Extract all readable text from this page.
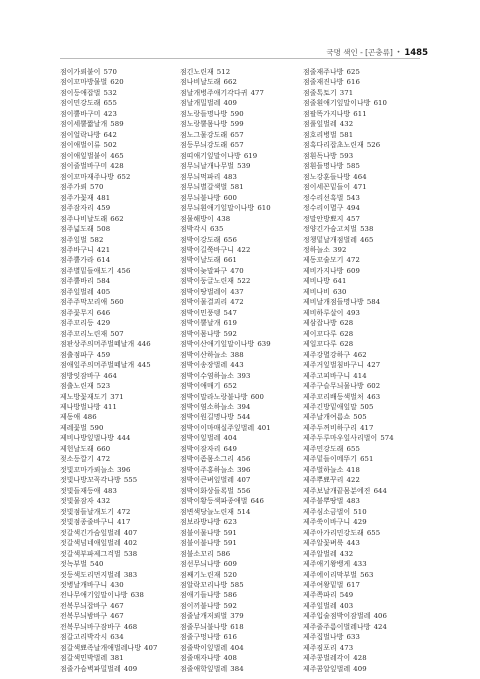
국명 색인 - [곤충류] • 1485
점이가뢰붙이 570
점이꼬마방물벌 620
점이등애잡벌 532
점이민강도래 655
점이뿔바구미 423
점이세뿔짧날개 589
점이얼락나방 642
점이애벌이류 502
점이애잎벌붙이 465
점이줄벌바구미 428
점이꼬마재주나방 652
점주가뢰 570
점주가꽃재 481
점주잠자리 459
점주나비날도래 662
점주넓도래 508
점주잎벌 582
점주바구니 421
점주뿔가라 614
점주별밑들애도기 456
점주뿔바리 584
점주잎벌레 405
점주주막꼬리애 560
점주꽃무지 646
점주꼬리등 429
점주꼬리노린재 507
점판상주의머주벌떼날개 446
점출점파구 459
점애잎주의머주벌떼날개 445
점방잇잠바구 464
점출노린재 523
제노방꽃재도기 371
제나방벌나방 411
제동애 486
제레꽃벌 590
제비나방잎벌나방 444
제헌날도래 660
젖소등깔기 472
젓빛꼬마가뢰늘소 396
젓빛나방꼬꼭각나방 555
젓빛들재등애 483
젓빛물잠자 432
젓빛점들날개도기 472
젓빛점종줄바구니 417
젓갈색긴가슴잎벌레 407
젓갈색넘네애잎벌레 402
젓갈색부파제그걱벌 538
젓녹부벌 540
젓등색도리먼지벌레 383
젓병날개바구니 430
전나무애기잎말이나방 638
전복무늬잡바구 467
전복무늬밤바구 467
전복무늬바구잠바구 468
점갈고리박각시 634
점갈색뾰족날개애벌레나방 407
점갈색민박벌레 381
점줄가슴벽파밀벌레 409
점긴노린재 512
점나비날도래 662
점날개병주애기각다귀 477
점날개밀벌레 409
점노랑들명나방 590
점노랑뿔몸나방 599
점노그물강도래 657
점등무늬강도래 657
점띠애기잎말이나방 619
점무늬날개나무벌 539
점무늬먹파리 483
점무늬별갈색벌 581
점무늬불나방 600
점무늬흰애기잎말이나방 610
점물해방이 438
점박각시 635
점박이강도래 656
점박이길쭉바구니 422
점박이날도래 661
점박이늦말파구 470
점박이둥글노린재 522
점박이땅벌레이 437
점박이물결괴리 472
점박이민풍뎅 547
점박이뿔날개 619
점박이몸나방 592
점박이산애기잎말이나방 639
점박이산하늘소 388
점박이송장벌레 443
점박이수염하늘소 393
점박이애매기 652
점박이말라노랑불나방 600
점박이염소하늘소 394
점박이원길명나방 544
점박이이마매실주잎벌레 401
점박이잎벌레 404
점박이잠자리 649
점박이좀몸소그리 456
점박이주홍하늘소 396
점박이큰벼잎벌레 407
점박이화상들록벌 556
점박이황등색파종애벌 646
점변색당늘노린재 514
점보라방나방 623
점불이물나방 591
점불이불나방 591
점불소꼬리 586
점선무늬나방 609
점째기노린재 520
점알락꼬리나방 585
점애기들나방 586
점이끼불나방 592
점줄날개저뢰벌 379
점줄무늬불나방 618
점줄구멍나방 616
점줄박이잎벌레 404
점줄매자나방 408
점줄애학잎벌레 384
점줄재주나방 625
점줄재진나방 616
점줄톡토기 371
점줄흰애기잎말이나방 610
점팔똑가지나방 611
점풀잎벌레 432
점호리병벌 581
점흑다리잡초노린재 526
점흰독나방 593
점흰들명나방 585
점노강훈들나방 464
점이세꼰밑들이 471
정수리선흑벌 543
정수리이멸구 494
정말안방뾰지 457
정양긴가슴고치벌 538
정챙밑날개점벌레 465
정하늘소 392
제동꼬술모기 472
제비가지나방 609
제비나방 641
제비나비 630
제비날개점들명나방 584
제비하루살이 493
제삼잡나방 628
제이꼬다루 628
제일꼬다루 628
제주강멸강하구 462
제주거잎벌침바구니 427
제주고피바구니 414
제주구슬무늬물나방 602
제주꼬리배등색벌처 463
제주긴방밑애잎말 505
제주날개여름쇼 505
제주두꺼비하구리 417
제주두루마우잎사리벌이 574
제주민강도래 655
제주밑들이메뚜기 651
제주벌하늘소 418
제주뿌뾰꾸리 422
제주보날개끝몸분에진 644
제주불뿌땅벌 483
제주심소금벌이 510
제주쑥이바구니 429
제주아가리민강도래 655
제주알꽃벼룩 443
제주알벌레 432
제주애기왕뱅게 433
제주에이리막부벌 563
제주여왕밑벌 617
제주쪽파리 549
제주잎벌레 403
제주입술점박이잠벌레 406
제주줄주름이벌레나방 424
제주집벌나방 633
제주짐포리 473
제주콩벌레각이 428
제주콤알잎벌레 409
